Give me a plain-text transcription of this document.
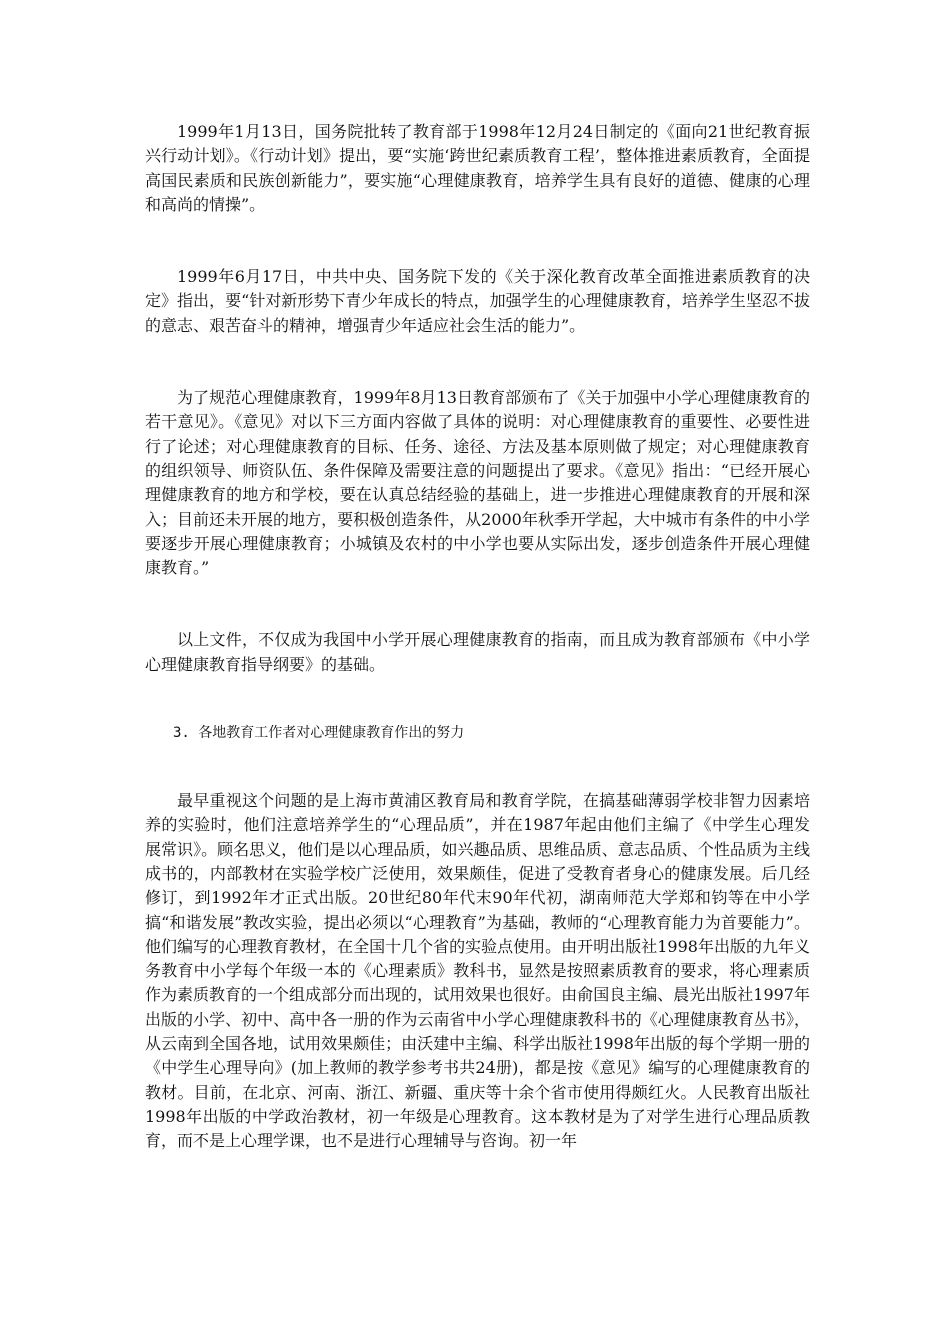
1999年1月13日，国务院批转了教育部于1998年12月24日制定的《面向21世纪教育振兴行动计划》。《行动计划》提出，要“实施‘跨世纪素质教育工程’，整体推进素质教育，全面提高国民素质和民族创新能力”，要实施“心理健康教育，培养学生具有良好的道德、健康的心理和高尚的情操”。

1999年6月17日，中共中央、国务院下发的《关于深化教育改革全面推进素质教育的决定》指出，要“针对新形势下青少年成长的特点，加强学生的心理健康教育，培养学生坚忍不拔的意志、艰苦奋斗的精神，增强青少年适应社会生活的能力”。

为了规范心理健康教育，1999年8月13日教育部颁布了《关于加强中小学心理健康教育的若干意见》。《意见》对以下三方面内容做了具体的说明：对心理健康教育的重要性、必要性进行了论述；对心理健康教育的目标、任务、途径、方法及基本原则做了规定；对心理健康教育的组织领导、师资队伍、条件保障及需要注意的问题提出了要求。《意见》指出：“已经开展心理健康教育的地方和学校，要在认真总结经验的基础上，进一步推进心理健康教育的开展和深入；目前还未开展的地方，要积极创造条件，从2000年秋季开学起，大中城市有条件的中小学要逐步开展心理健康教育；小城镇及农村的中小学也要从实际出发，逐步创造条件开展心理健康教育。”

以上文件，不仅成为我国中小学开展心理健康教育的指南，而且成为教育部颁布《中小学心理健康教育指导纲要》的基础。

3. 各地教育工作者对心理健康教育作出的努力

最早重视这个问题的是上海市黄浦区教育局和教育学院，在搞基础薄弱学校非智力因素培养的实验时，他们注意培养学生的“心理品质”，并在1987年起由他们主编了《中学生心理发展常识》。顾名思义，他们是以心理品质，如兴趣品质、思维品质、意志品质、个性品质为主线成书的，内部教材在实验学校广泛使用，效果颇佳，促进了受教育者身心的健康发展。后几经修订，到1992年才正式出版。20世纪80年代末90年代初，湖南师范大学郑和钧等在中小学搞“和谐发展”教改实验，提出必须以“心理教育”为基础，教师的“心理教育能力为首要能力”。他们编写的心理教育教材，在全国十几个省的实验点使用。由开明出版社1998年出版的九年义务教育中小学每个年级一本的《心理素质》教科书，显然是按照素质教育的要求，将心理素质作为素质教育的一个组成部分而出现的，试用效果也很好。由俞国良主编、晨光出版社1997年出版的小学、初中、高中各一册的作为云南省中小学心理健康教科书的《心理健康教育丛书》，从云南到全国各地，试用效果颇佳；由沃建中主编、科学出版社1998年出版的每个学期一册的《中学生心理导向》(加上教师的教学参考书共24册)，都是按《意见》编写的心理健康教育的教材。目前，在北京、河南、浙江、新疆、重庆等十余个省市使用得颇红火。人民教育出版社1998年出版的中学政治教材，初一年级是心理教育。这本教材是为了对学生进行心理品质教育，而不是上心理学课，也不是进行心理辅导与咨询。初一年
